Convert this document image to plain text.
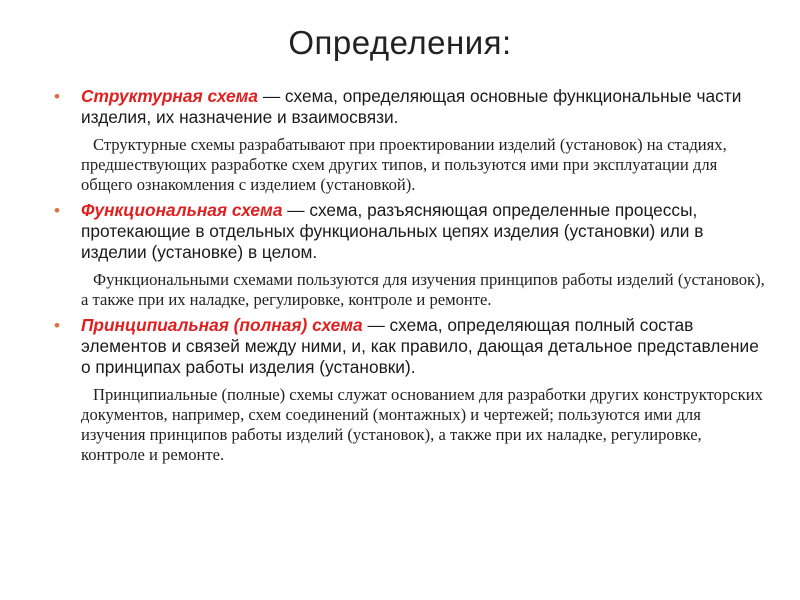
Определения:
• Структурная схема — схема, определяющая основные функциональные части изделия, их назначение и взаимосвязи.
Структурные схемы разрабатывают при проектировании изделий (установок) на стадиях, предшествующих разработке схем других типов, и пользуются ими при эксплуатации для общего ознакомления с изделием (установкой).
• Функциональная схема — схема, разъясняющая определенные процессы, протекающие в отдельных функциональных цепях изделия (установки) или в изделии (установке) в целом.
Функциональными схемами пользуются для изучения принципов работы изделий (установок), а также при их наладке, регулировке, контроле и ремонте.
• Принципиальная (полная) схема — схема, определяющая полный состав элементов и связей между ними, и, как правило, дающая детальное представление о принципах работы изделия (установки).
Принципиальные (полные) схемы служат основанием для разработки других конструкторских документов, например, схем соединений (монтажных) и чертежей; пользуются ими для изучения принципов работы изделий (установок), а также при их наладке, регулировке, контроле и ремонте.
